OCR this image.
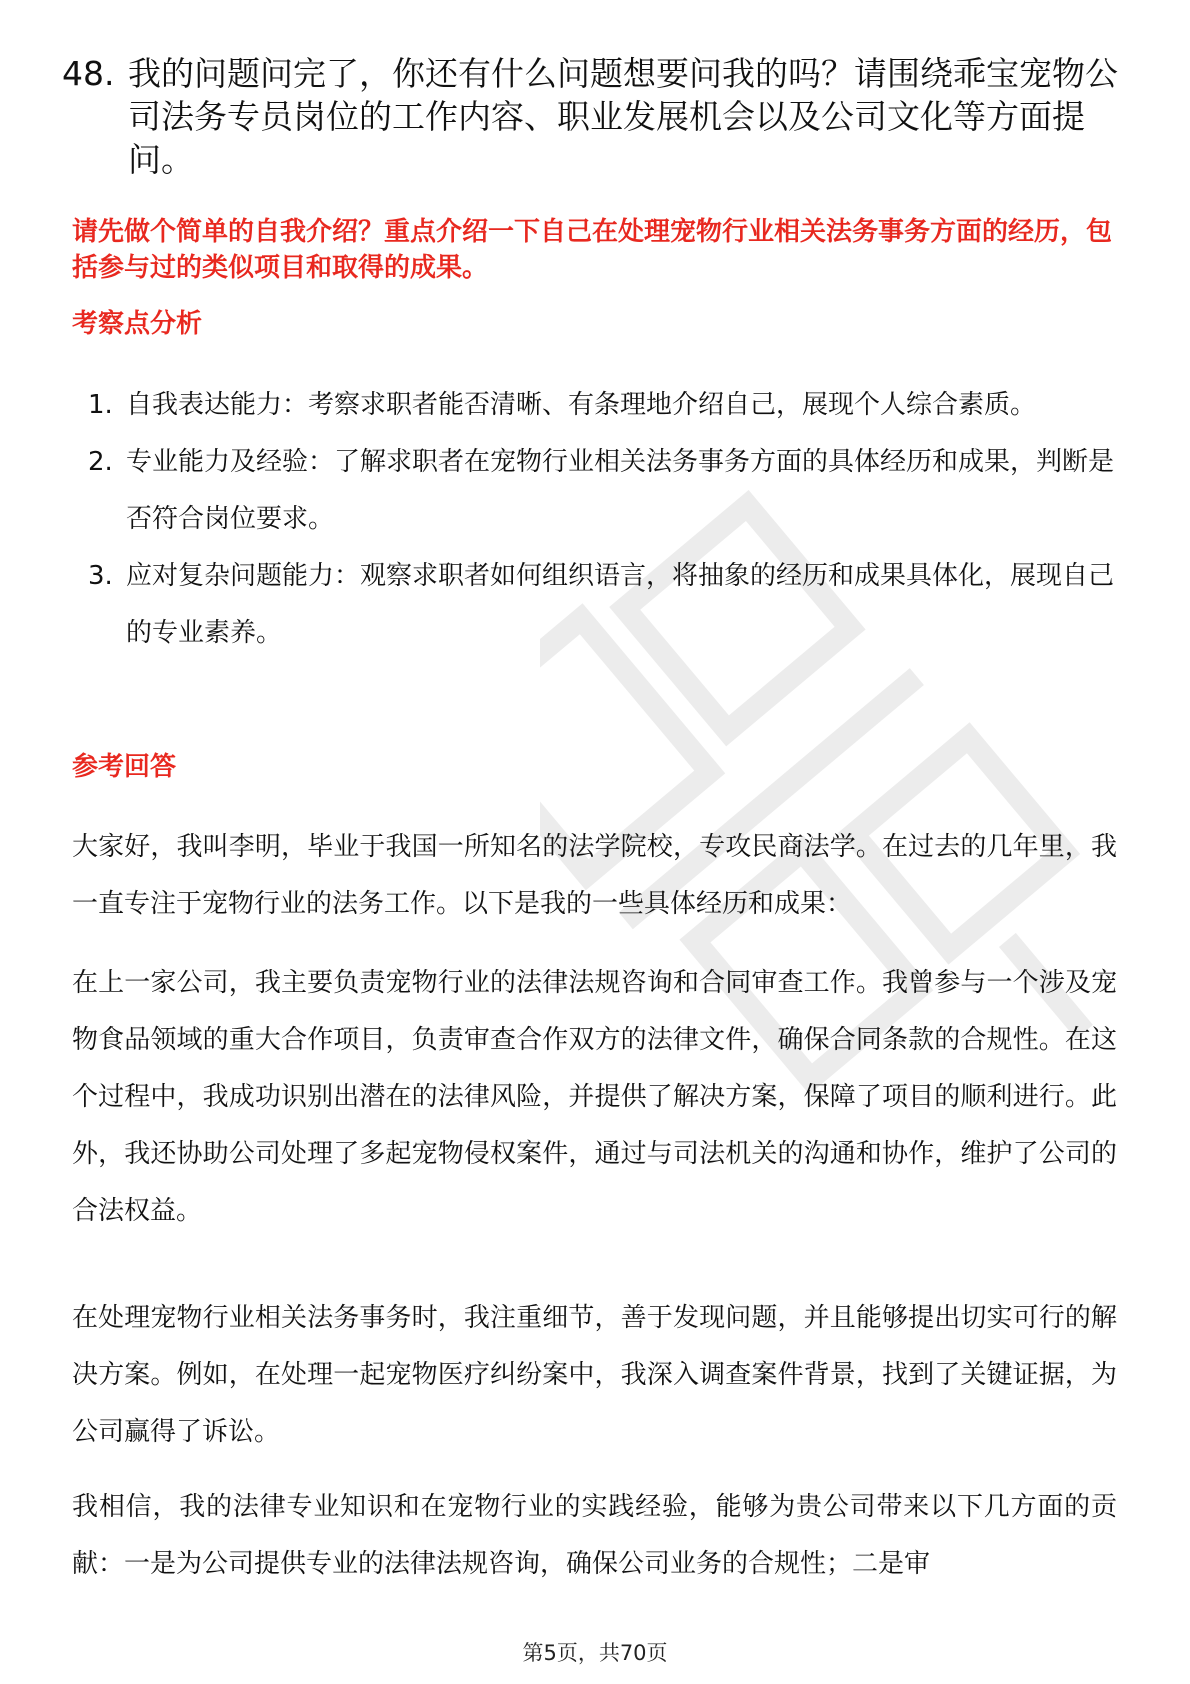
48. 我的问题问完了，你还有什么问题想要问我的吗？请围绕乖宝宠物公司法务专员岗位的工作内容、职业发展机会以及公司文化等方面提问。
请先做个简单的自我介绍？重点介绍一下自己在处理宠物行业相关法务事务方面的经历，包括参与过的类似项目和取得的成果。
考察点分析
1. 自我表达能力：考察求职者能否清晰、有条理地介绍自己，展现个人综合素质。
2. 专业能力及经验：了解求职者在宠物行业相关法务事务方面的具体经历和成果，判断是否符合岗位要求。
3. 应对复杂问题能力：观察求职者如何组织语言，将抽象的经历和成果具体化，展现自己的专业素养。
参考回答
大家好，我叫李明，毕业于我国一所知名的法学院校，专攻民商法学。在过去的几年里，我一直专注于宠物行业的法务工作。以下是我的一些具体经历和成果：
在上一家公司，我主要负责宠物行业的法律法规咨询和合同审查工作。我曾参与一个涉及宠物食品领域的重大合作项目，负责审查合作双方的法律文件，确保合同条款的合规性。在这个过程中，我成功识别出潜在的法律风险，并提供了解决方案，保障了项目的顺利进行。此外，我还协助公司处理了多起宠物侵权案件，通过与司法机关的沟通和协作，维护了公司的合法权益。
在处理宠物行业相关法务事务时，我注重细节，善于发现问题，并且能够提出切实可行的解决方案。例如，在处理一起宠物医疗纠纷案中，我深入调查案件背景，找到了关键证据，为公司赢得了诉讼。
我相信，我的法律专业知识和在宠物行业的实践经验，能够为贵公司带来以下几方面的贡献：一是为公司提供专业的法律法规咨询，确保公司业务的合规性；二是审
第5页，共70页
